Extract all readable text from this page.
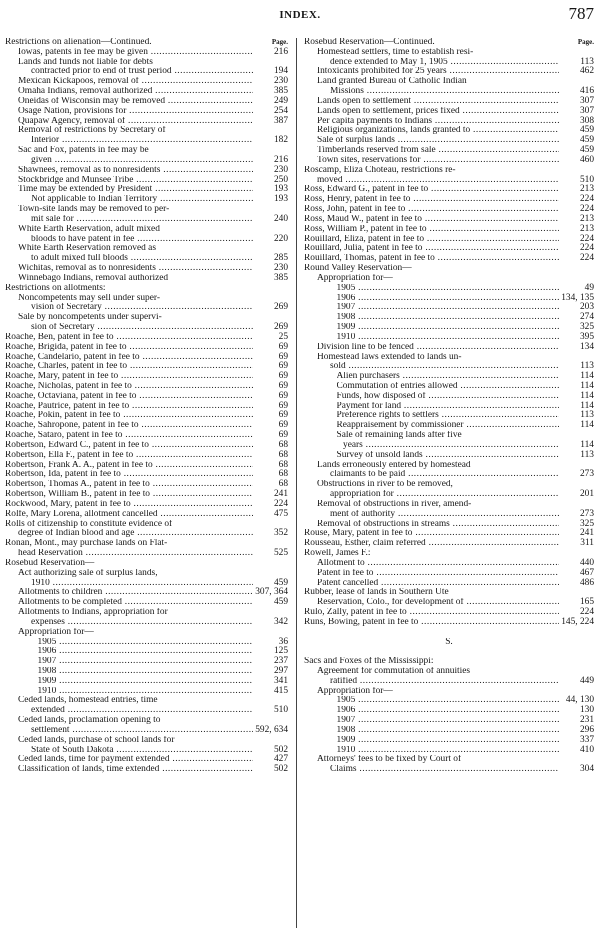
INDEX.	787
Restrictions on alienation—Continued.	Page.
Iowas, patents in fee may be given .....	216
Lands and funds not liable for debts
contracted prior to end of trust period .....	194
Mexican Kickapoos, removal of .....	230
Omaha Indians, removal authorized .....	385
Oneidas of Wisconsin may be removed .....	249
Osage Nation, provisions for .....	254
Quapaw Agency, removal of .....	387
Removal of restrictions by Secretary of
Interior .....	182
Sac and Fox, patents in fee may be
given .....	216
Shawnees, removal as to nonresidents .....	230
Stockbridge and Munsee Tribe .....	250
Time may be extended by President .....	193
Not applicable to Indian Territory .....	193
Town-site lands may be removed to per-
mit sale for .....	240
White Earth Reservation, adult mixed
bloods to have patent in fee .....	220
White Earth Reservation removed as
to adult mixed full bloods .....	285
Wichitas, removal as to nonresidents .....	230
Winnebago Indians, removal authorized	385
Restrictions on allotments:
Noncompetents may sell under super-
vision of Secretary .....	269
Sale by noncompetents under supervi-
sion of Secretary .....	269
Roache, Ben, patent in fee to .....	25
Roache, Brigida, patent in fee to .....	69
Roache, Candelario, patent in fee to .....	69
Roache, Charles, patent in fee to .....	69
Roache, Mary, patent in fee to .....	69
Roache, Nicholas, patent in fee to .....	69
Roache, Octaviana, patent in fee to .....	69
Roache, Pautrice, patent in fee to .....	69
Roache, Pokin, patent in fee to .....	69
Roache, Sahropone, patent in fee to .....	69
Roache, Sataro, patent in fee to .....	69
Robertson, Edward C., patent in fee to .....	68
Robertson, Ella F., patent in fee to .....	68
Robertson, Frank A. A., patent in fee to .....	68
Robertson, Ida, patent in fee to .....	68
Robertson, Thomas A., patent in fee to .....	68
Robertson, William B., patent in fee to .....	241
Rockwood, Mary, patent in fee to .....	224
Rolfe, Mary Lorena, allotment cancelled .....	475
Rolls of citizenship to constitute evidence of
degree of Indian blood and age .....	352
Ronan, Mont., may purchase lands on Flat-
head Reservation .....	525
Rosebud Reservation—
Act authorizing sale of surplus lands,
1910 .....	459
Allotments to children .....	307, 364
Allotments to be completed .....	459
Allotments to Indians, appropriation for
expenses .....	342
Appropriation for—
1905 .....	36
1906 .....	125
1907 .....	237
1908 .....	297
1909 .....	341
1910 .....	415
Ceded lands, homestead entries, time
extended .....	510
Ceded lands, proclamation opening to
settlement .....	592, 634
Ceded lands, purchase of school lands for
State of South Dakota .....	502
Ceded lands, time for payment extended .....	427
Classification of lands, time extended .....	502
Rosebud Reservation—Continued.	Page.
Homestead settlers, time to establish resi-
dence extended to May 1, 1905 .....	113
Intoxicants prohibited for 25 years .....	462
Land granted Bureau of Catholic Indian
Missions .....	416
Lands open to settlement .....	307
Lands open to settlement, prices fixed .....	307
Per capita payments to Indians .....	308
Religious organizations, lands granted to .....	459
Sale of surplus lands .....	459
Timberlands reserved from sale .....	459
Town sites, reservations for .....	460
Roscamp, Eliza Choteau, restrictions re-
moved .....	510
Ross, Edward G., patent in fee to .....	213
Ross, Henry, patent in fee to .....	224
Ross, John, patent in fee to .....	224
Ross, Maud W., patent in fee to .....	213
Ross, William P., patent in fee to .....	213
Rouillard, Eliza, patent in fee to .....	224
Rouillard, Julia, patent in fee to .....	224
Rouillard, Thomas, patent in fee to .....	224
Round Valley Reservation—
Appropriation for—
1905 .....	49
1906 .....	134, 135
1907 .....	203
1908 .....	274
1909 .....	325
1910 .....	395
Division line to be fenced .....	134
Homestead laws extended to lands un-
sold .....	113
Alien purchasers .....	114
Commutation of entries allowed .....	114
Funds, how disposed of .....	114
Payment for land .....	114
Preference rights to settlers .....	113
Reappraisement by commissioner .....	114
Sale of remaining lands after five
years .....	114
Survey of unsold lands .....	113
Lands erroneously entered by homestead
claimants to be paid .....	273
Obstructions in river to be removed,
appropriation for .....	201
Removal of obstructions in river, amend-
ment of authority .....	273
Removal of obstructions in streams .....	325
Rouse, Mary, patent in fee to .....	241
Rousseau, Esther, claim referred .....	311
Rowell, James F.:
Allotment to .....	440
Patent in fee to .....	467
Patent cancelled .....	486
Rubber, lease of lands in Southern Ute
Reservation, Colo., for development of .....	165
Rulo, Zally, patent in fee to .....	224
Runs, Bowing, patent in fee to .....	145, 224
S.
Sacs and Foxes of the Mississippi:
Agreement for commutation of annuities
ratified .....	449
Appropriation for—
1905 .....	44, 130
1906 .....	130
1907 .....	231
1908 .....	296
1909 .....	337
1910 .....	410
Attorneys' fees to be fixed by Court of
Claims .....	304
